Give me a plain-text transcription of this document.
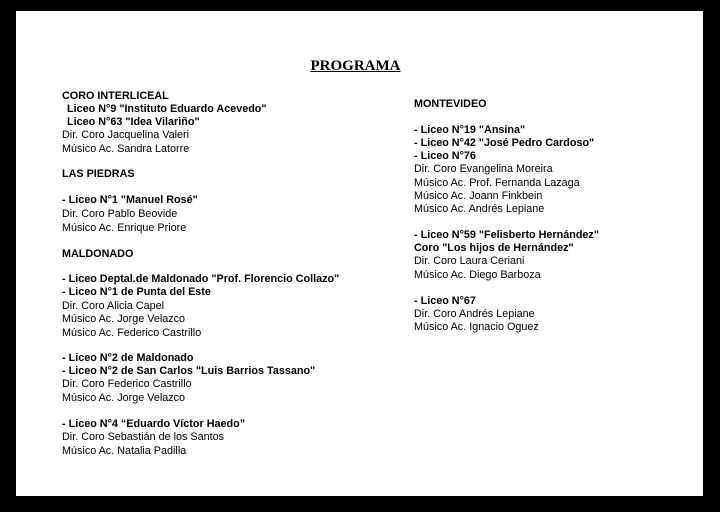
PROGRAMA
CORO INTERLICEAL
Liceo N°9 "Instituto Eduardo Acevedo"
Liceo N°63 "Idea Vilariño"
Dir. Coro Jacquelina Valeri
Músico Ac. Sandra Latorre
LAS PIEDRAS
- Liceo N°1 "Manuel Rosé"
Dir. Coro Pablo Beovide
Músico Ac. Enrique Priore
MALDONADO
- Liceo Deptal.de Maldonado "Prof. Florencio Collazo"
- Liceo N°1 de Punta del Este
Dir. Coro Alicia Capel
Músico Ac. Jorge Velazco
Músico Ac. Federico Castrillo
- Liceo N°2 de Maldonado
- Liceo N°2 de San Carlos "Luis Barrios Tassano"
Dir. Coro Federico Castrillo
Músico Ac. Jorge Velazco
- Liceo N°4 “Eduardo Víctor Haedo”
Dir. Coro Sebastián de los Santos
Músico Ac. Natalia Padilla
MONTEVIDEO
- Liceo N°19 "Ansina"
- Liceo N°42 "José Pedro Cardoso"
- Liceo N°76
Dir. Coro Evangelina Moreira
Músico Ac. Prof. Fernanda Lazaga
Músico Ac. Joann Finkbein
Músico Ac. Andrés Lepiane
- Liceo N°59 "Felisberto Hernández"
Coro "Los hijos de Hernández"
Dir. Coro Laura Ceriani
Músico Ac. Diego Barboza
- Liceo N°67
Dir. Coro Andrés Lepiane
Músico Ac. Ignacio Oguez
